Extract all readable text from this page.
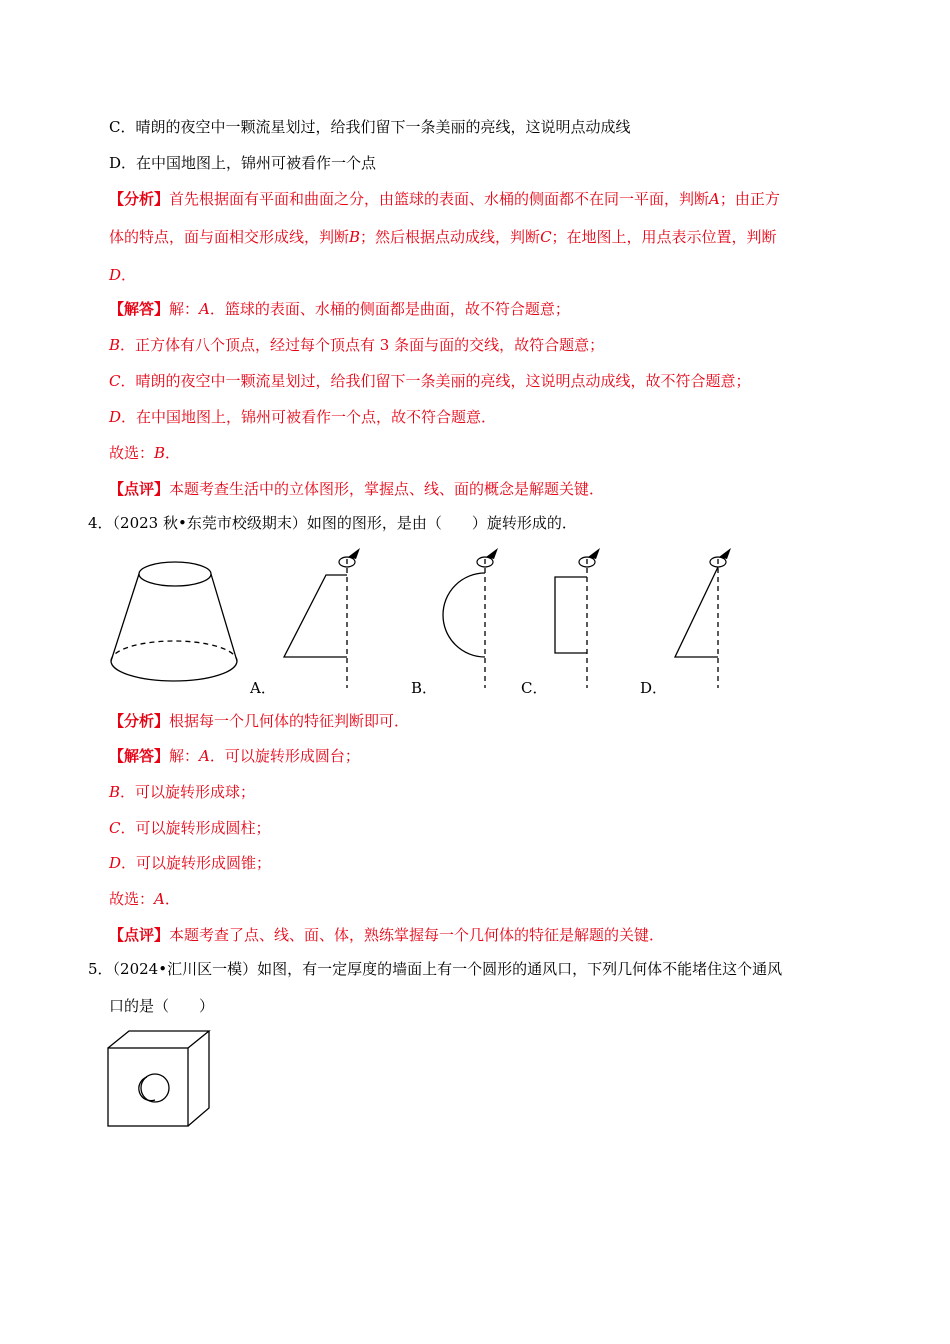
C．晴朗的夜空中一颗流星划过，给我们留下一条美丽的亮线，这说明点动成线
D．在中国地图上，锦州可被看作一个点
【分析】首先根据面有平面和曲面之分，由篮球的表面、水桶的侧面都不在同一平面，判断A；由正方
体的特点，面与面相交形成线，判断B；然后根据点动成线，判断C；在地图上，用点表示位置，判断
D．
【解答】解：A．篮球的表面、水桶的侧面都是曲面，故不符合题意；
B．正方体有八个顶点，经过每个顶点有 3 条面与面的交线，故符合题意；
C．晴朗的夜空中一颗流星划过，给我们留下一条美丽的亮线，这说明点动成线，故不符合题意；
D．在中国地图上，锦州可被看作一个点，故不符合题意．
故选：B．
【点评】本题考查生活中的立体图形，掌握点、线、面的概念是解题关键．
4．（2023 秋•东莞市校级期末）如图的图形，是由（　　）旋转形成的．
A．	B．	C．	D．
【分析】根据每一个几何体的特征判断即可．
【解答】解：A．可以旋转形成圆台；
B．可以旋转形成球；
C．可以旋转形成圆柱；
D．可以旋转形成圆锥；
故选：A．
【点评】本题考查了点、线、面、体，熟练掌握每一个几何体的特征是解题的关键．
5．（2024•汇川区一模）如图，有一定厚度的墙面上有一个圆形的通风口，下列几何体不能堵住这个通风
口的是（　　）
